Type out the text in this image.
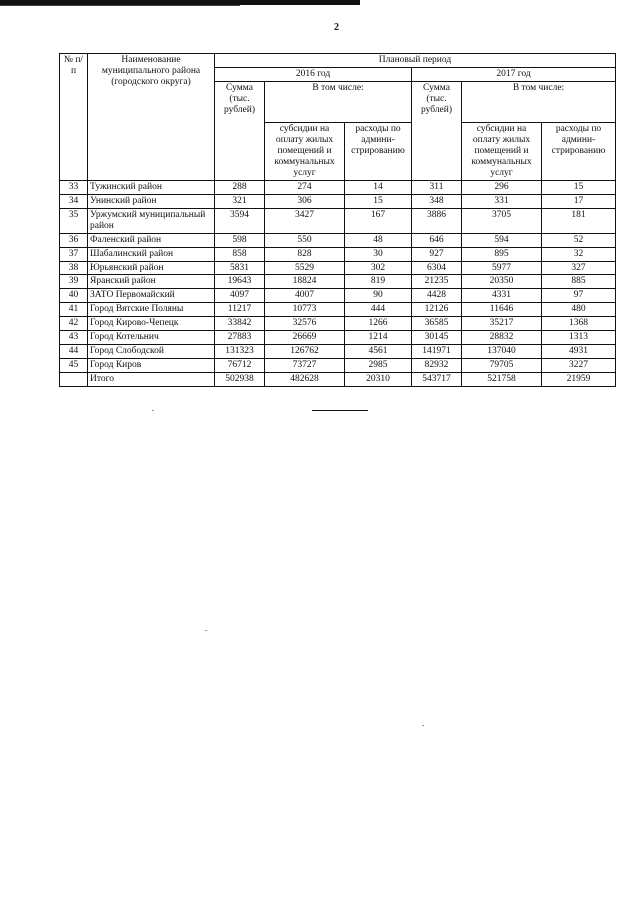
2
№ п/п	Наименование муниципального района (городского округа)	Плановый период					
		2016 год			2017 год		
		Сумма (тыс. рублей)	В том числе:		Сумма (тыс. рублей)	В том числе:	
			субсидии на оплату жилых помещений и коммунальных услуг	расходы по админи- стрированию		субсидии на оплату жилых помещений и коммунальных услуг	расходы по админи- стрированию
33	Тужинский район	288	274	14	311	296	15
34	Унинский район	321	306	15	348	331	17
35	Уржумский муниципальный район	3594	3427	167	3886	3705	181
36	Фаленский район	598	550	48	646	594	52
37	Шабалинский район	858	828	30	927	895	32
38	Юрьянский район	5831	5529	302	6304	5977	327
39	Яранский район	19643	18824	819	21235	20350	885
40	ЗАТО Первомайский	4097	4007	90	4428	4331	97
41	Город Вятские Поляны	11217	10773	444	12126	11646	480
42	Город Кирово-Чепецк	33842	32576	1266	36585	35217	1368
43	Город Котельнич	27883	26669	1214	30145	28832	1313
44	Город Слободской	131323	126762	4561	141971	137040	4931
45	Город Киров	76712	73727	2985	82932	79705	3227
	Итого	502938	482628	20310	543717	521758	21959
